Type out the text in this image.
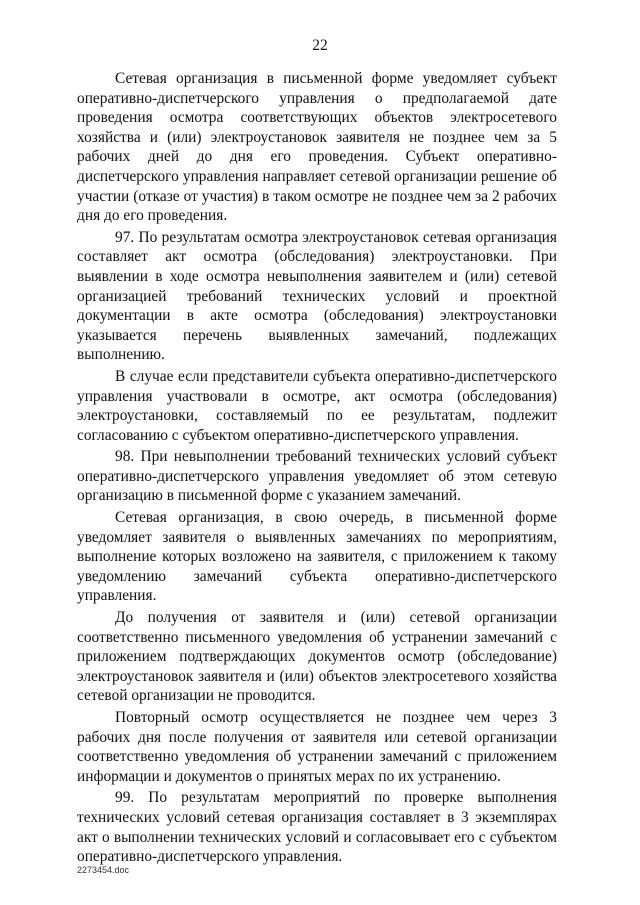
22

Сетевая организация в письменной форме уведомляет субъект оперативно-диспетчерского управления о предполагаемой дате проведения осмотра соответствующих объектов электросетевого хозяйства и (или) электроустановок заявителя не позднее чем за 5 рабочих дней до дня его проведения. Субъект оперативно-диспетчерского управления направляет сетевой организации решение об участии (отказе от участия) в таком осмотре не позднее чем за 2 рабочих дня до его проведения.

97. По результатам осмотра электроустановок сетевая организация составляет акт осмотра (обследования) электроустановки. При выявлении в ходе осмотра невыполнения заявителем и (или) сетевой организацией требований технических условий и проектной документации в акте осмотра (обследования) электроустановки указывается перечень выявленных замечаний, подлежащих выполнению.

В случае если представители субъекта оперативно-диспетчерского управления участвовали в осмотре, акт осмотра (обследования) электроустановки, составляемый по ее результатам, подлежит согласованию с субъектом оперативно-диспетчерского управления.

98. При невыполнении требований технических условий субъект оперативно-диспетчерского управления уведомляет об этом сетевую организацию в письменной форме с указанием замечаний.

Сетевая организация, в свою очередь, в письменной форме уведомляет заявителя о выявленных замечаниях по мероприятиям, выполнение которых возложено на заявителя, с приложением к такому уведомлению замечаний субъекта оперативно-диспетчерского управления.

До получения от заявителя и (или) сетевой организации соответственно письменного уведомления об устранении замечаний с приложением подтверждающих документов осмотр (обследование) электроустановок заявителя и (или) объектов электросетевого хозяйства сетевой организации не проводится.

Повторный осмотр осуществляется не позднее чем через 3 рабочих дня после получения от заявителя или сетевой организации соответственно уведомления об устранении замечаний с приложением информации и документов о принятых мерах по их устранению.

99. По результатам мероприятий по проверке выполнения технических условий сетевая организация составляет в 3 экземплярах акт о выполнении технических условий и согласовывает его с субъектом оперативно-диспетчерского управления.

2273454.doc
